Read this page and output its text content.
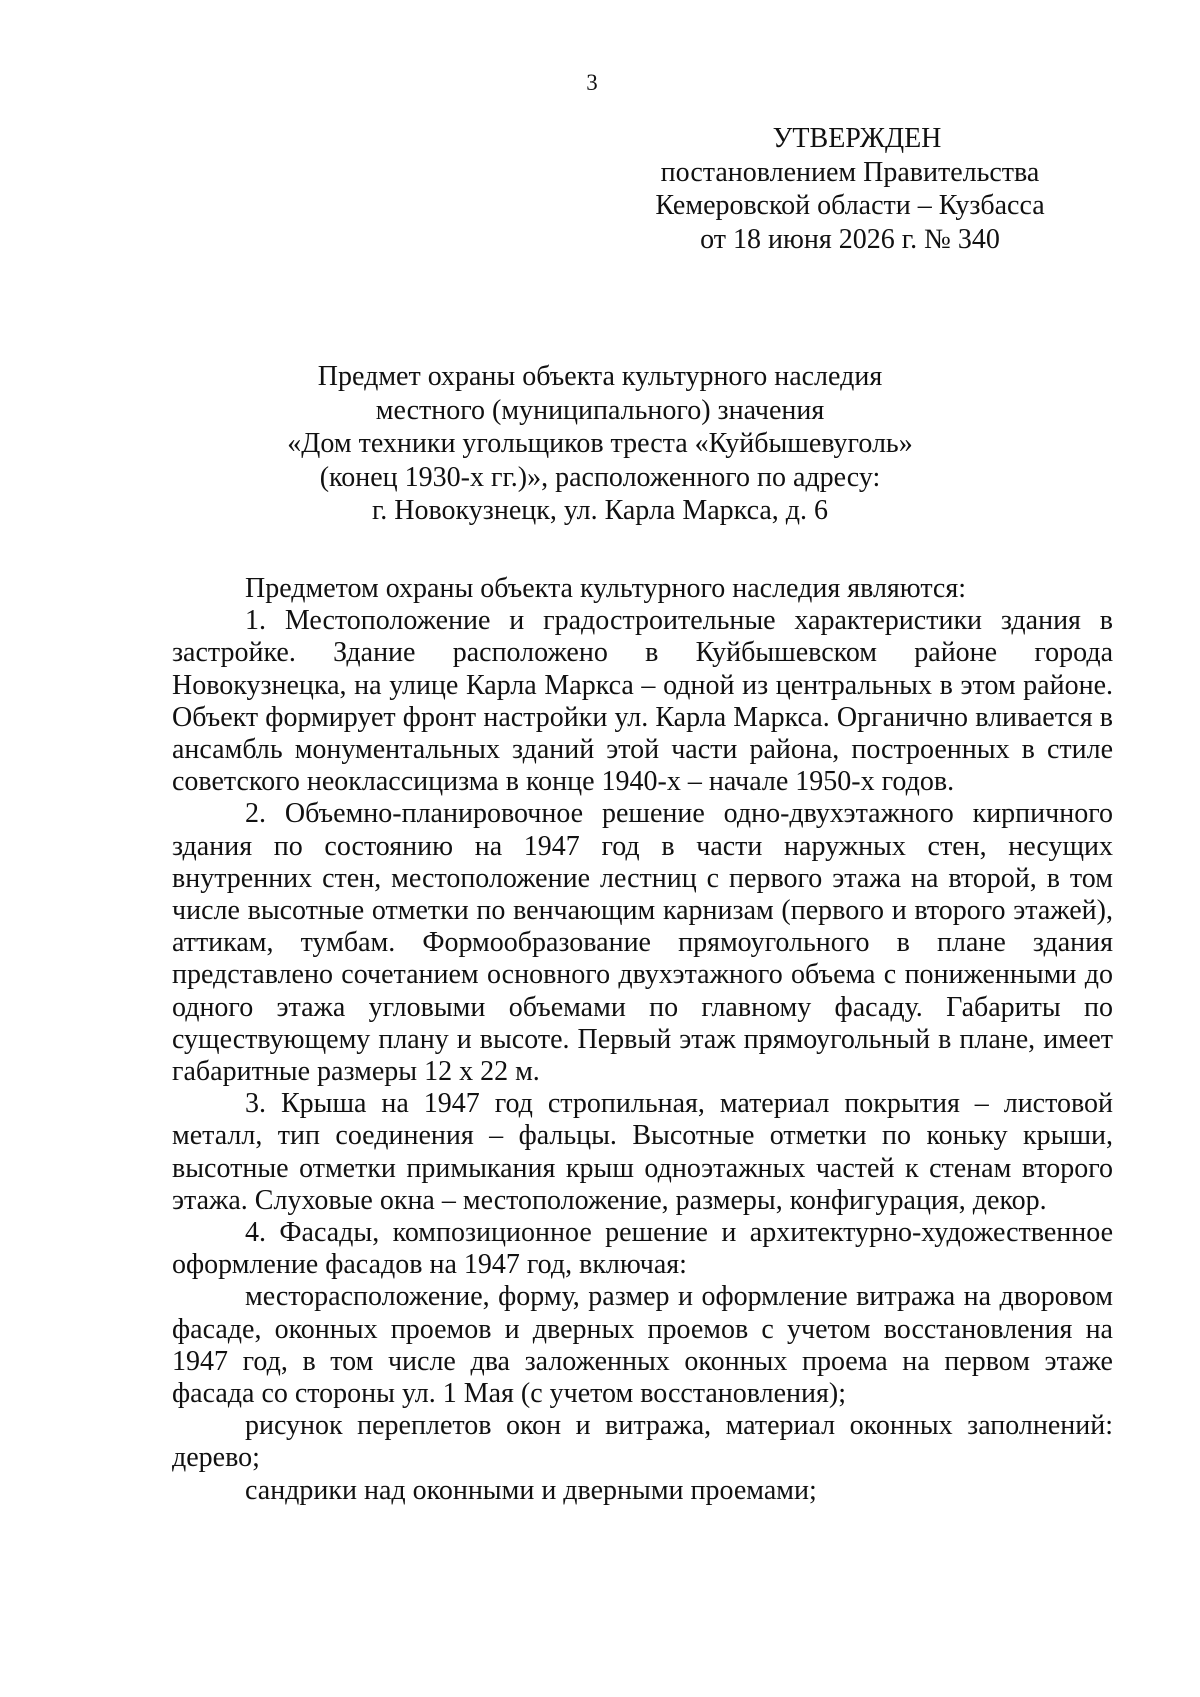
3
УТВЕРЖДЕН
постановлением Правительства
Кемеровской области – Кузбасса
от 18 июня 2026 г. № 340
Предмет охраны объекта культурного наследия
местного (муниципального) значения
«Дом техники угольщиков треста «Куйбышевуголь»
(конец 1930-х гг.)», расположенного по адресу:
г. Новокузнецк, ул. Карла Маркса, д. 6

Предметом охраны объекта культурного наследия являются:

1. Местоположение и градостроительные характеристики здания в застройке. Здание расположено в Куйбышевском районе города Новокузнецка, на улице Карла Маркса – одной из центральных в этом районе. Объект формирует фронт настройки ул. Карла Маркса. Органично вливается в ансамбль монументальных зданий этой части района, построенных в стиле советского неоклассицизма в конце 1940-х – начале 1950-х годов.

2. Объемно-планировочное решение одно-двухэтажного кирпичного здания по состоянию на 1947 год в части наружных стен, несущих внутренних стен, местоположение лестниц с первого этажа на второй, в том числе высотные отметки по венчающим карнизам (первого и второго этажей), аттикам, тумбам. Формообразование прямоугольного в плане здания представлено сочетанием основного двухэтажного объема с пониженными до одного этажа угловыми объемами по главному фасаду. Габариты по существующему плану и высоте. Первый этаж прямоугольный в плане, имеет габаритные размеры 12 х 22 м.

3. Крыша на 1947 год стропильная, материал покрытия – листовой металл, тип соединения – фальцы. Высотные отметки по коньку крыши, высотные отметки примыкания крыш одноэтажных частей к стенам второго этажа. Слуховые окна – местоположение, размеры, конфигурация, декор.

4. Фасады, композиционное решение и архитектурно-художественное оформление фасадов на 1947 год, включая:

месторасположение, форму, размер и оформление витража на дворовом фасаде, оконных проемов и дверных проемов с учетом восстановления на 1947 год, в том числе два заложенных оконных проема на первом этаже фасада со стороны ул. 1 Мая (с учетом восстановления);

рисунок переплетов окон и витража, материал оконных заполнений: дерево;

сандрики над оконными и дверными проемами;
